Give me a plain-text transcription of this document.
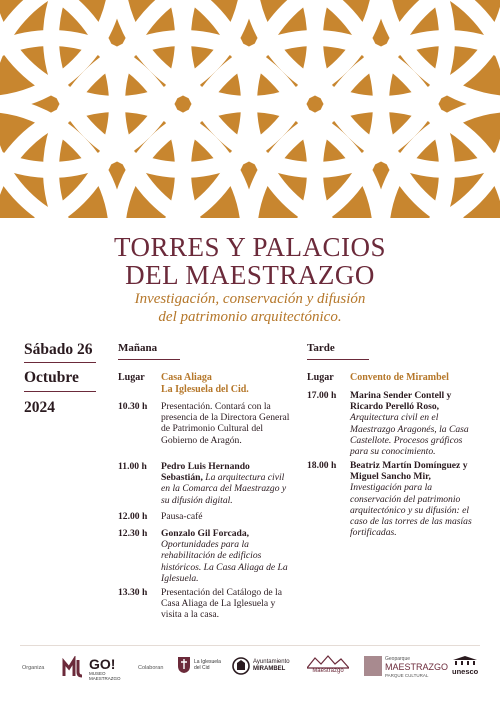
TORRES Y PALACIOS
DEL MAESTRAZGO
Investigación, conservación y difusión
del patrimonio arquitectónico.
Sábado 26
Octubre
2024
Mañana
Lugar Casa Aliaga
La Iglesuela del Cid.
10.30 h Presentación. Contará con la presencia de la Directora General de Patrimonio Cultural del Gobierno de Aragón.
11.00 h Pedro Luis Hernando Sebastián, La arquitectura civil en la Comarca del Maestrazgo y su difusión digital.
12.00 h Pausa-café
12.30 h Gonzalo Gil Forcada, Oportunidades para la rehabilitación de edificios históricos. La Casa Aliaga de La Iglesuela.
13.30 h Presentación del Catálogo de la Casa Aliaga de La Iglesuela y visita a la casa.
Tarde
Lugar Convento de Mirambel
17.00 h Marina Sender Contell y Ricardo Perelló Roso, Arquitectura civil en el Maestrazgo Aragonés, la Casa Castellote. Procesos gráficos para su conocimiento.
18.00 h Beatriz Martín Domínguez y Miguel Sancho Mir, Investigación para la conservación del patrimonio arquitectónico y su difusión: el caso de las torres de las masías fortificadas.
Organiza	GO!
MUSEO
MAESTRAZGO
Colaboran
La Iglesuela
del Cid
Ayuntamiento
MIRAMBEL	Maestrazgo
Geoparque
MAESTRAZGO
PARQUE CULTURAL	unesco
